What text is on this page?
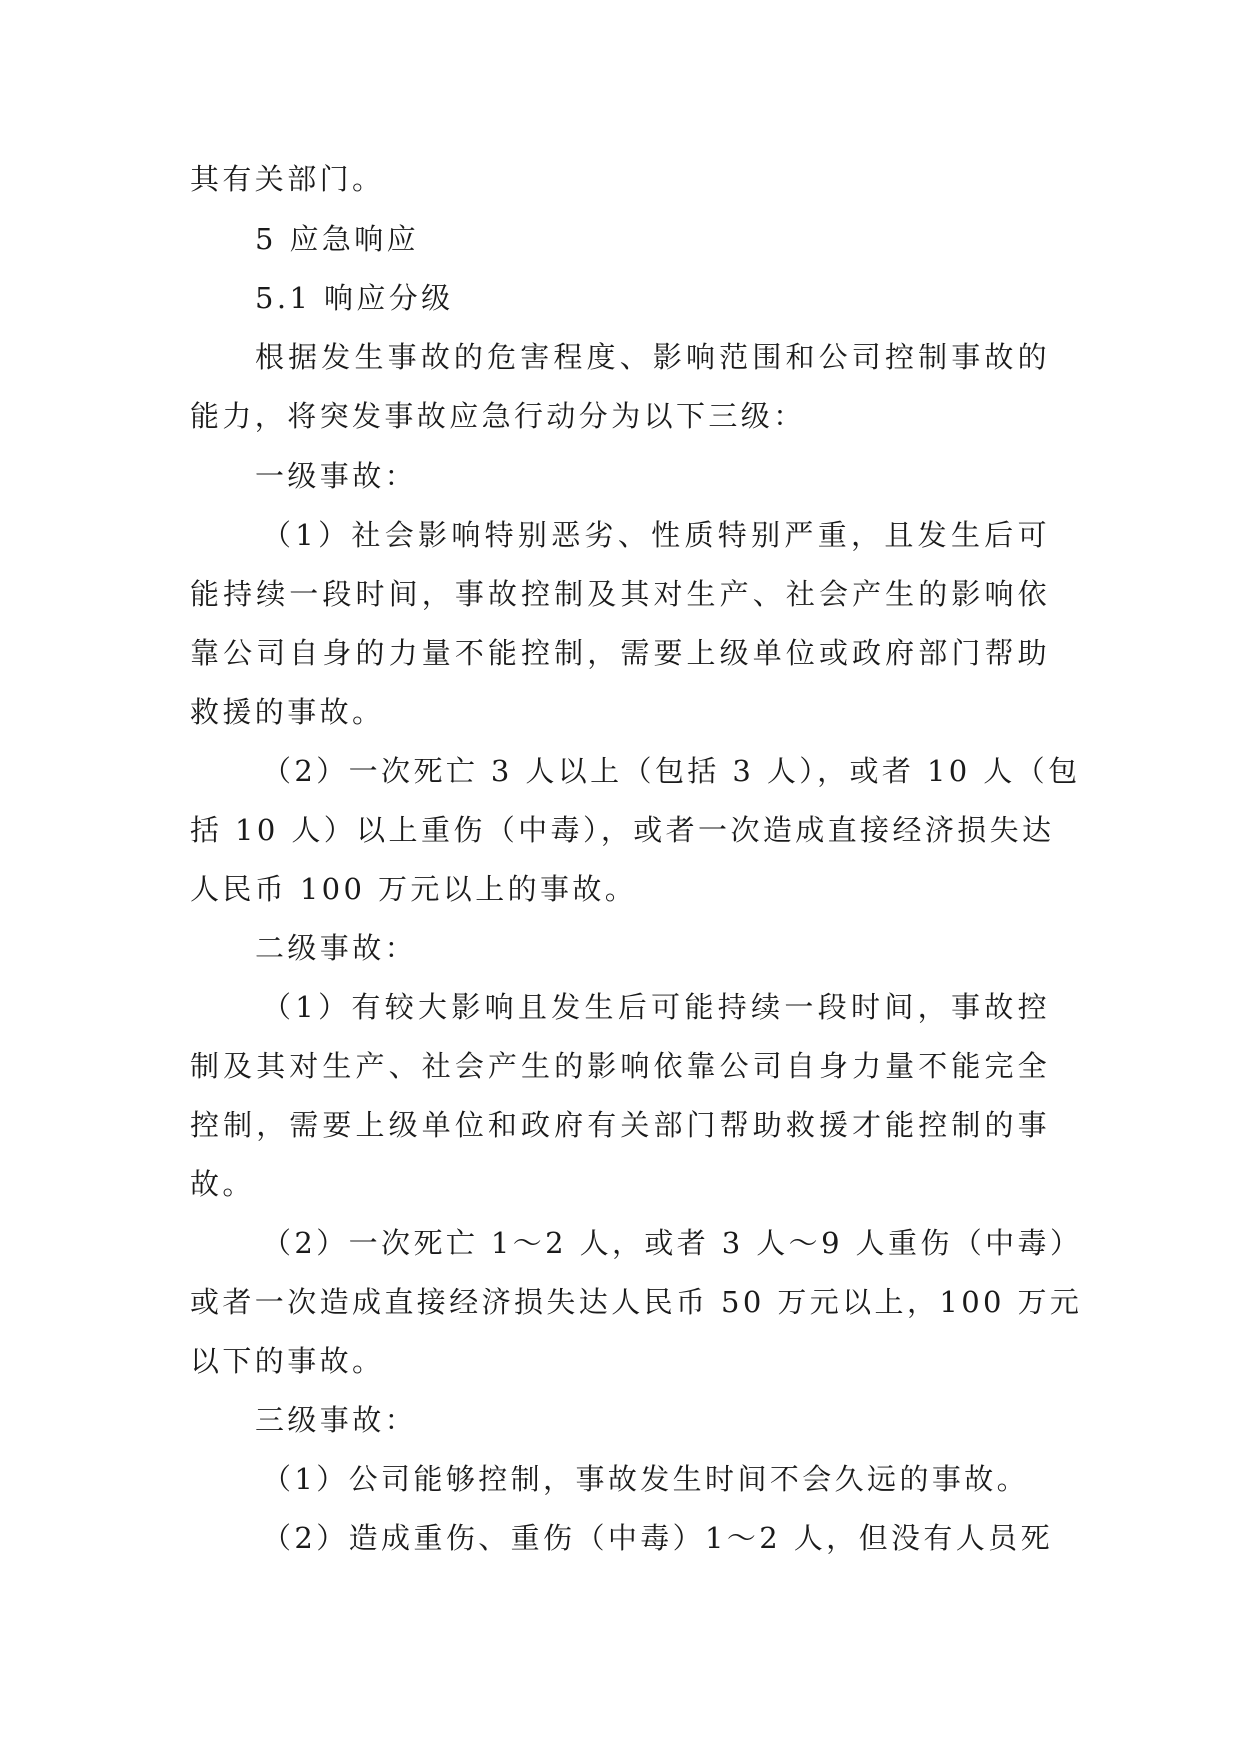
其有关部门。
5 应急响应
5.1 响应分级
根据发生事故的危害程度、影响范围和公司控制事故的
能力，将突发事故应急行动分为以下三级：
一级事故：
（1）社会影响特别恶劣、性质特别严重，且发生后可
能持续一段时间，事故控制及其对生产、社会产生的影响依
靠公司自身的力量不能控制，需要上级单位或政府部门帮助
救援的事故。
（2）一次死亡 3 人以上（包括 3 人），或者 10 人（包
括 10 人）以上重伤（中毒），或者一次造成直接经济损失达
人民币 100 万元以上的事故。
二级事故：
（1）有较大影响且发生后可能持续一段时间，事故控
制及其对生产、社会产生的影响依靠公司自身力量不能完全
控制，需要上级单位和政府有关部门帮助救援才能控制的事
故。
（2）一次死亡 1～2 人，或者 3 人～9 人重伤（中毒）
或者一次造成直接经济损失达人民币 50 万元以上，100 万元
以下的事故。
三级事故：
（1）公司能够控制，事故发生时间不会久远的事故。
（2）造成重伤、重伤（中毒）1～2 人，但没有人员死
